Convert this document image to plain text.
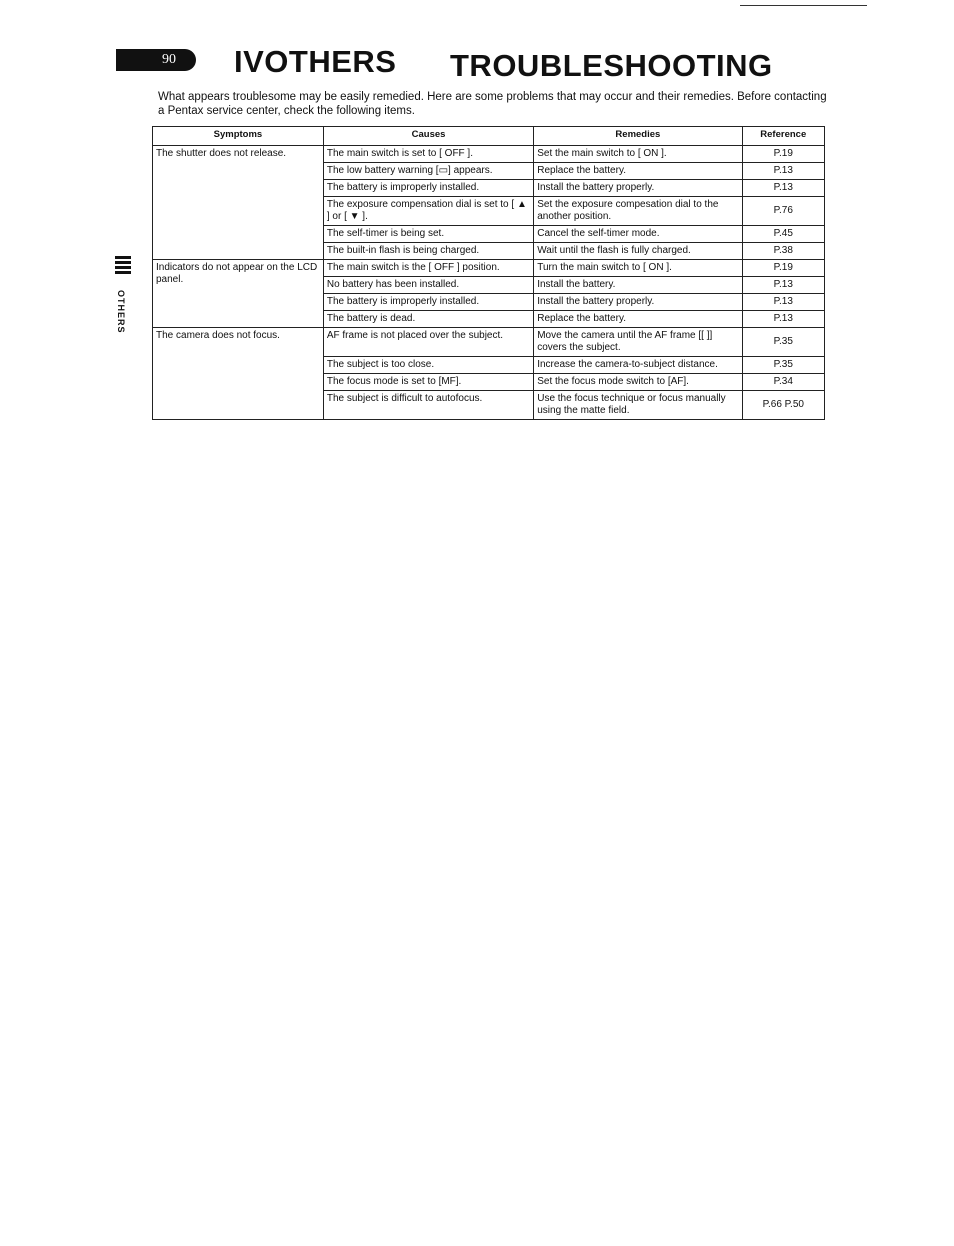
90	IVOTHERS TROUBLESHOOTING
What appears troublesome may be easily remedied. Here are some problems that may occur and their remedies. Before contacting a Pentax service center, check the following items.
OTHERS
Symptoms	Causes	Remedies	Reference
The shutter does not release.	The main switch is set to [ OFF ].	Set the main switch to [ ON ].	P.19
	The low battery warning [▭] appears.	Replace the battery.	P.13
	The battery is improperly installed.	Install the battery properly.	P.13
	The exposure compensation dial is set to [ ▲ ] or [ ▼ ].	Set the exposure compesation dial to the another position.	P.76
	The self-timer is being set.	Cancel the self-timer mode.	P.45
	The built-in flash is being charged.	Wait until the flash is fully charged.	P.38
Indicators do not appear on the LCD panel.	The main switch is the [ OFF ] position.	Turn the main switch to [ ON ].	P.19
	No battery has been installed.	Install the battery.	P.13
	The battery is improperly installed.	Install the battery properly.	P.13
	The battery is dead.	Replace the battery.	P.13
The camera does not focus.	AF frame is not placed over the subject.	Move the camera until the AF frame [[ ]] covers the subject.	P.35
	The subject is too close.	Increase the camera-to-subject distance.	P.35
	The focus mode is set to [MF].	Set the focus mode switch to [AF].	P.34
	The subject is difficult to autofocus.	Use the focus technique or focus manually using the matte field.	P.66 P.50
